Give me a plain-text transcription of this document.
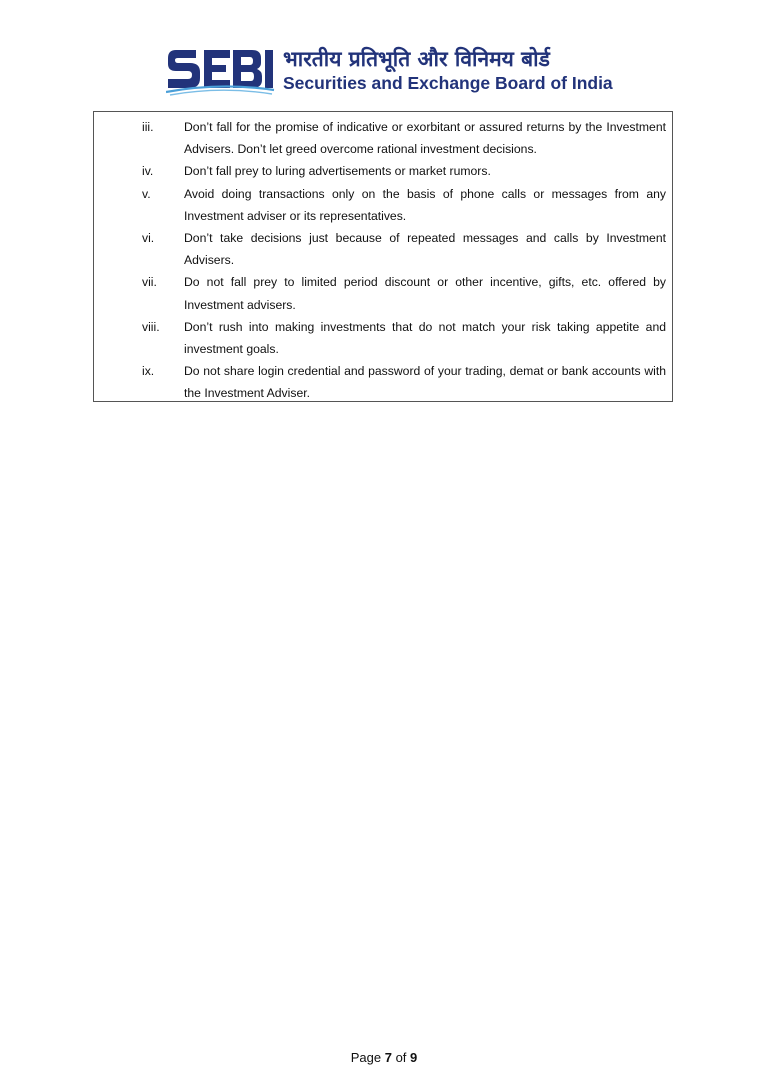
भारतीय प्रतिभूति और विनिमय बोर्ड
Securities and Exchange Board of India
iii. Don’t fall for the promise of indicative or exorbitant or assured returns by the Investment Advisers. Don’t let greed overcome rational investment decisions.
iv.	Don’t fall prey to luring advertisements or market rumors.
v.	Avoid doing transactions only on the basis of phone calls or messages from any Investment adviser or its representatives.
vi. Don’t take decisions just because of repeated messages and calls by Investment Advisers.
vii. Do not fall prey to limited period discount or other incentive, gifts, etc. offered by Investment advisers.
viii. Don’t rush into making investments that do not match your risk taking appetite and investment goals.
ix. Do not share login credential and password of your trading, demat or bank accounts with the Investment Adviser.
Page 7 of 9
